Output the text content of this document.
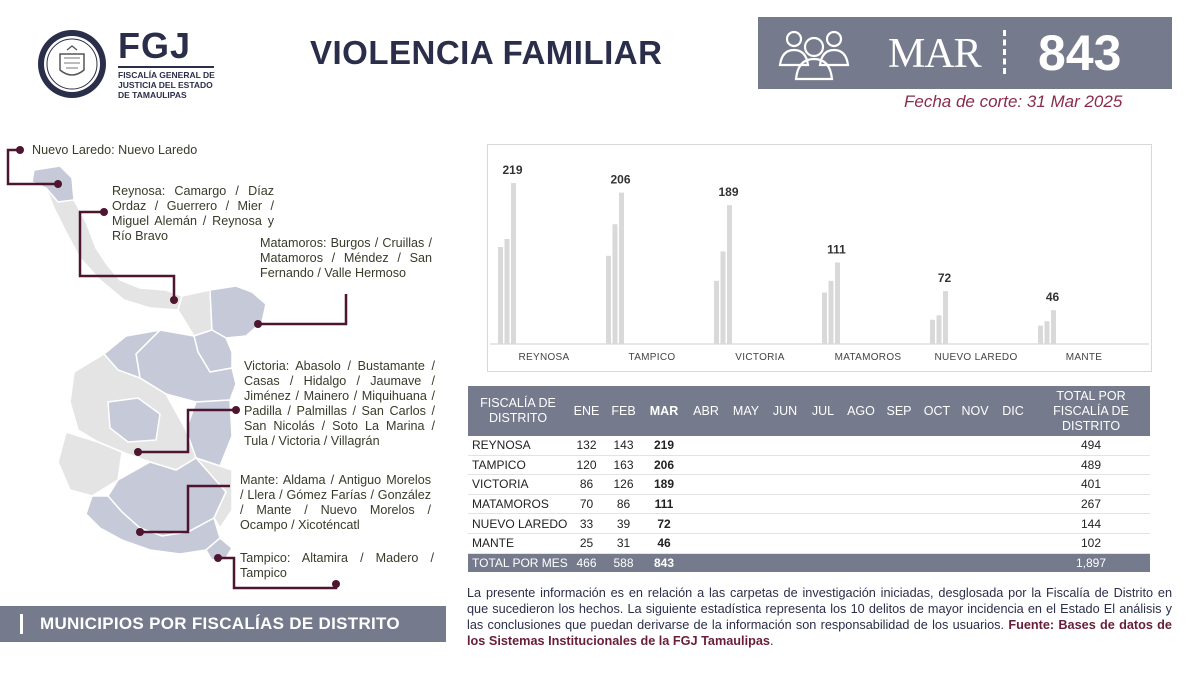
FGJ
FISCALÍA GENERAL DE
JUSTICIA DEL ESTADO
DE TAMAULIPAS
VIOLENCIA FAMILIAR	MAR 843
Fecha de corte: 31 Mar 2025
Nuevo Laredo: Nuevo Laredo
Reynosa: Camargo / Díaz Ordaz / Guerrero / Mier / Miguel Alemán / Reynosa y Río Bravo	Matamoros: Burgos / Cruillas / Matamoros / Méndez / San Fernando / Valle Hermoso
Victoria: Abasolo / Bustamante / Casas / Hidalgo / Jaumave / Jiménez / Mainero / Miquihuana / Padilla / Palmillas / San Carlos / San Nicolás / Soto La Marina / Tula / Victoria / Villagrán
Mante: Aldama / Antiguo Morelos / Llera / Gómez Farías / González / Mante / Nuevo Morelos / Ocampo / Xicoténcatl
Tampico: Altamira / Madero / Tampico
MUNICIPIOS POR FISCALÍAS DE DISTRITO
219
REYNOSA
206
TAMPICO
189
VICTORIA
111
MATAMOROS
72
NUEVO LAREDO
46
MANTE
FISCALÍA DE DISTRITO	ENE	FEB	MAR	ABR	MAY	JUN	JUL	AGO	SEP	OCT	NOV	DIC	TOTAL POR FISCALÍA DE DISTRITO
REYNOSA	132	143	219										494
TAMPICO	120	163	206										489
VICTORIA	86	126	189										401
MATAMOROS	70	86	111										267
NUEVO LAREDO	33	39	72										144
MANTE	25	31	46										102
TOTAL POR MES	466	588	843										1,897
La presente información es en relación a las carpetas de investigación iniciadas, desglosada por la Fiscalía de Distrito en que sucedieron los hechos. La siguiente estadística representa los 10 delitos de mayor incidencia en el Estado El análisis y las conclusiones que puedan derivarse de la información son responsabilidad de los usuarios. Fuente: Bases de datos de los Sistemas Institucionales de la FGJ Tamaulipas.
